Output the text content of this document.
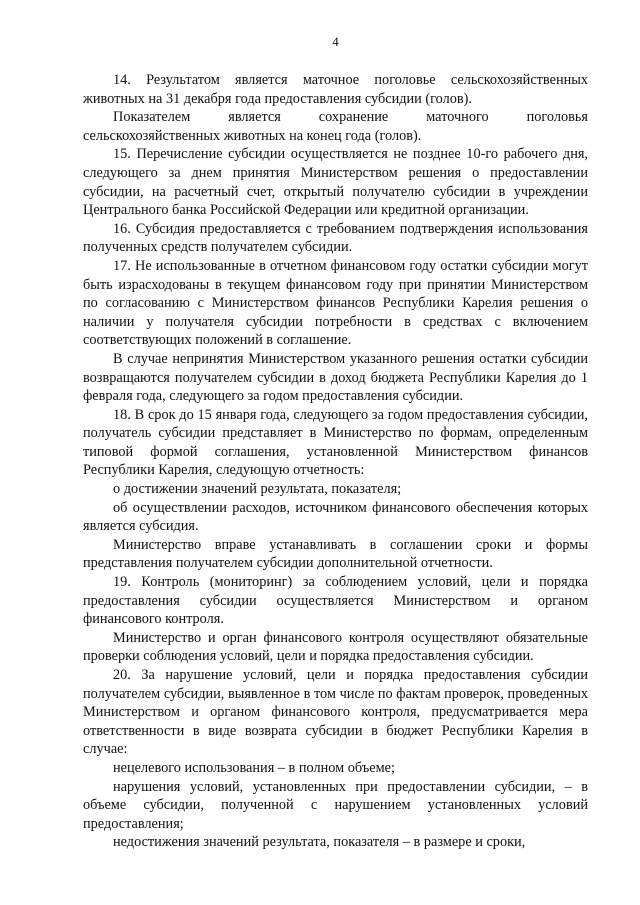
4

14. Результатом является маточное поголовье сельскохозяйственных животных на 31 декабря года предоставления субсидии (голов).

Показателем является сохранение маточного поголовья сельскохозяйственных животных на конец года (голов).

15. Перечисление субсидии осуществляется не позднее 10-го рабочего дня, следующего за днем принятия Министерством решения о предоставлении субсидии, на расчетный счет, открытый получателю субсидии в учреждении Центрального банка Российской Федерации или кредитной организации.

16. Субсидия предоставляется с требованием подтверждения использования полученных средств получателем субсидии.

17. Не использованные в отчетном финансовом году остатки субсидии могут быть израсходованы в текущем финансовом году при принятии Министерством по согласованию с Министерством финансов Республики Карелия решения о наличии у получателя субсидии потребности в средствах с включением соответствующих положений в соглашение.

В случае непринятия Министерством указанного решения остатки субсидии возвращаются получателем субсидии в доход бюджета Республики Карелия до 1 февраля года, следующего за годом предоставления субсидии.

18. В срок до 15 января года, следующего за годом предоставления субсидии, получатель субсидии представляет в Министерство по формам, определенным типовой формой соглашения, установленной Министерством финансов Республики Карелия, следующую отчетность:

о достижении значений результата, показателя;

об осуществлении расходов, источником финансового обеспечения которых является субсидия.

Министерство вправе устанавливать в соглашении сроки и формы представления получателем субсидии дополнительной отчетности.

19. Контроль (мониторинг) за соблюдением условий, цели и порядка предоставления субсидии осуществляется Министерством и органом финансового контроля.

Министерство и орган финансового контроля осуществляют обязательные проверки соблюдения условий, цели и порядка предоставления субсидии.

20. За нарушение условий, цели и порядка предоставления субсидии получателем субсидии, выявленное в том числе по фактам проверок, проведенных Министерством и органом финансового контроля, предусматривается мера ответственности в виде возврата субсидии в бюджет Республики Карелия в случае:

нецелевого использования – в полном объеме;

нарушения условий, установленных при предоставлении субсидии, – в объеме субсидии, полученной с нарушением установленных условий предоставления;

недостижения значений результата, показателя – в размере и сроки,
